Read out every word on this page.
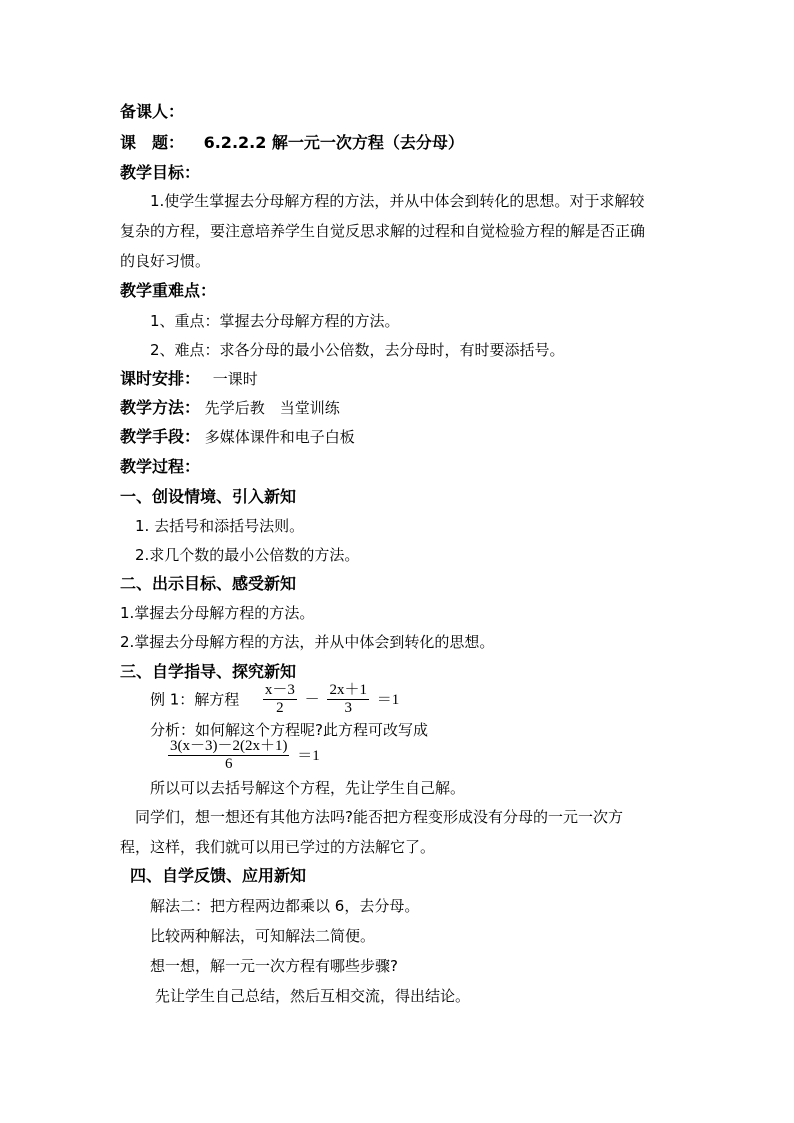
备课人：
课　题： 6.2.2.2 解一元一次方程（去分母）
教学目标：
1.使学生掌握去分母解方程的方法，并从中体会到转化的思想。对于求解较
复杂的方程，要注意培养学生自觉反思求解的过程和自觉检验方程的解是否正确
的良好习惯。
教学重难点：
1、重点：掌握去分母解方程的方法。
2、难点：求各分母的最小公倍数，去分母时，有时要添括号。
课时安排： 一课时
教学方法： 先学后教　当堂训练
教学手段： 多媒体课件和电子白板
教学过程：
一、创设情境、引入新知
1. 去括号和添括号法则。
2.求几个数的最小公倍数的方法。
二、出示目标、感受新知
1.掌握去分母解方程的方法。
2.掌握去分母解方程的方法，并从中体会到转化的思想。
三、自学指导、探究新知
例 1：解方程 $\frac{x-3}{2} - \frac{2x+1}{3} =1$
分析：如何解这个方程呢?此方程可改写成
$\frac{3(x-3)-2(2x+1)}{6} =1$
所以可以去括号解这个方程，先让学生自己解。
同学们，想一想还有其他方法吗?能否把方程变形成没有分母的一元一次方
程，这样，我们就可以用已学过的方法解它了。
四、自学反馈、应用新知
解法二：把方程两边都乘以 6，去分母。
比较两种解法，可知解法二简便。
想一想，解一元一次方程有哪些步骤?
先让学生自己总结，然后互相交流，得出结论。
